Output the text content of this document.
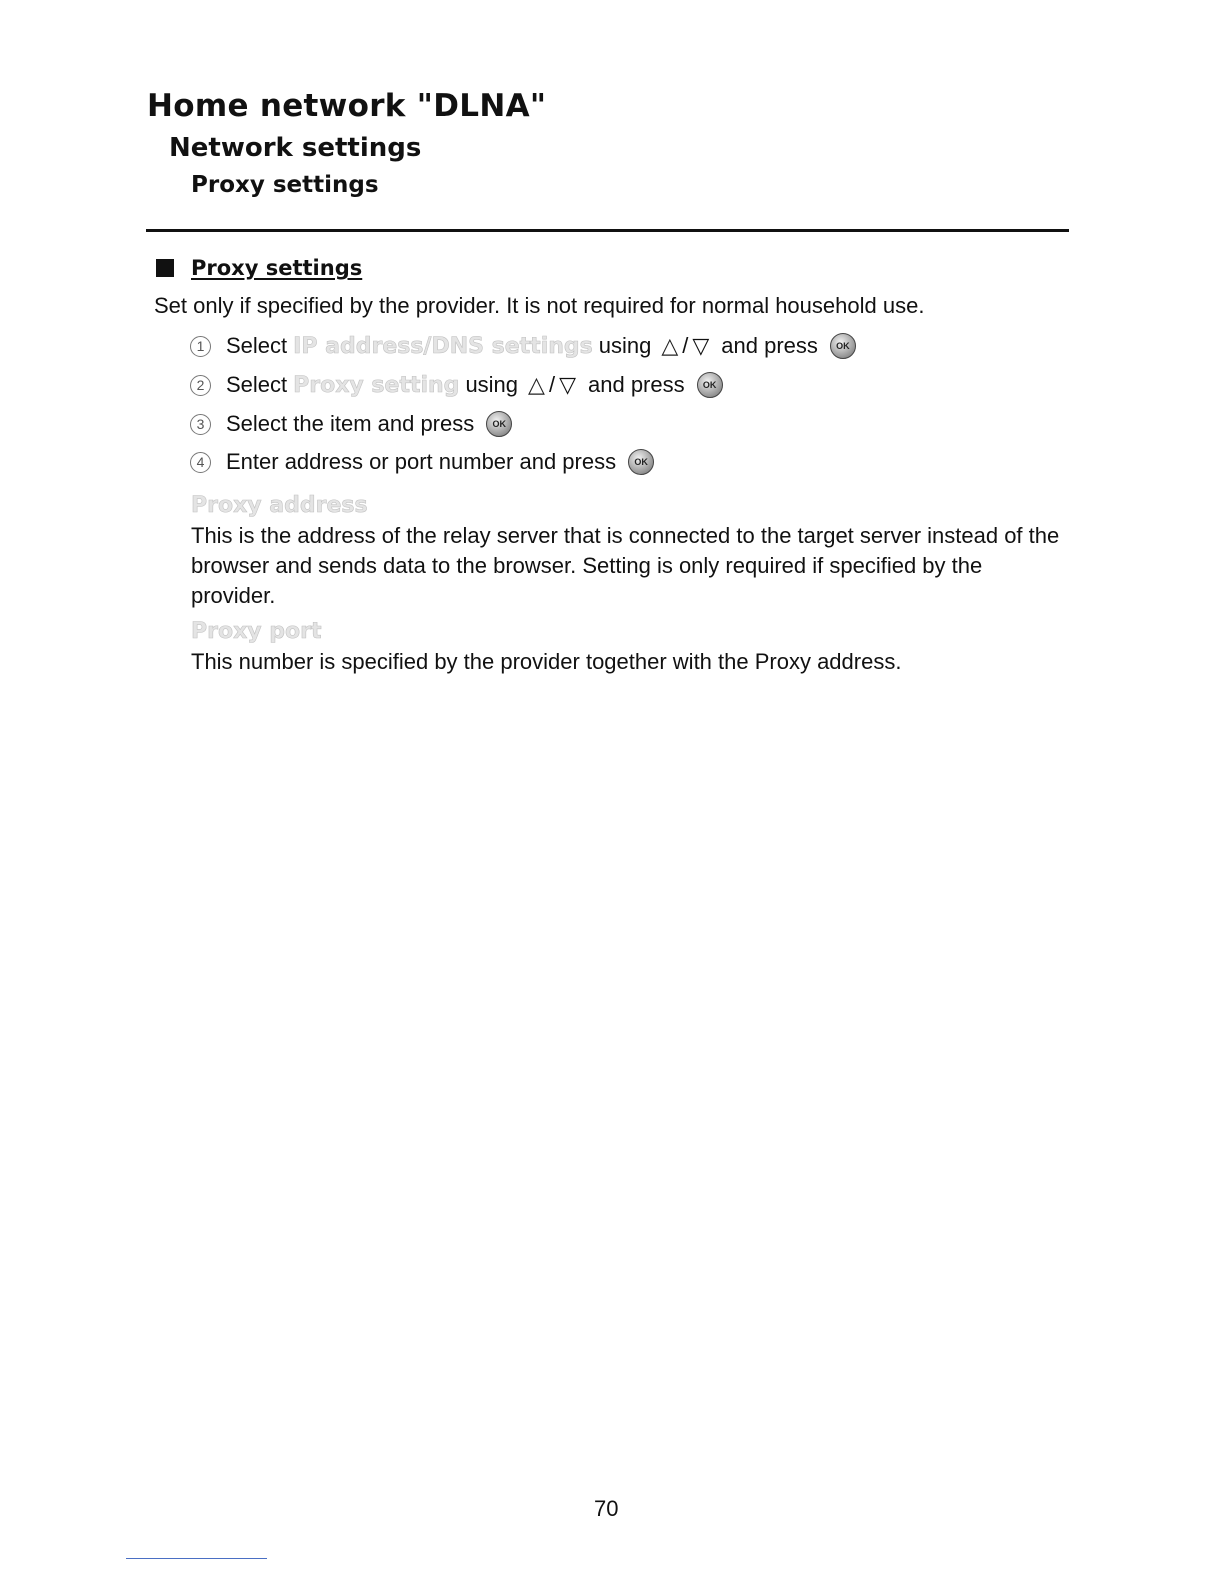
Home network "DLNA"
Network settings
Proxy settings
Proxy settings
Set only if specified by the provider. It is not required for normal household use.
1 Select IP address/DNS settings using △ / ▽ and press	OK
2 Select Proxy setting using △ / ▽ and press	OK
3 Select the item and press	OK
4 Enter address or port number and press	OK
Proxy address
This is the address of the relay server that is connected to the target server instead of the browser and sends data to the browser. Setting is only required if specified by the provider.
Proxy port
This number is specified by the provider together with the Proxy address.
70
